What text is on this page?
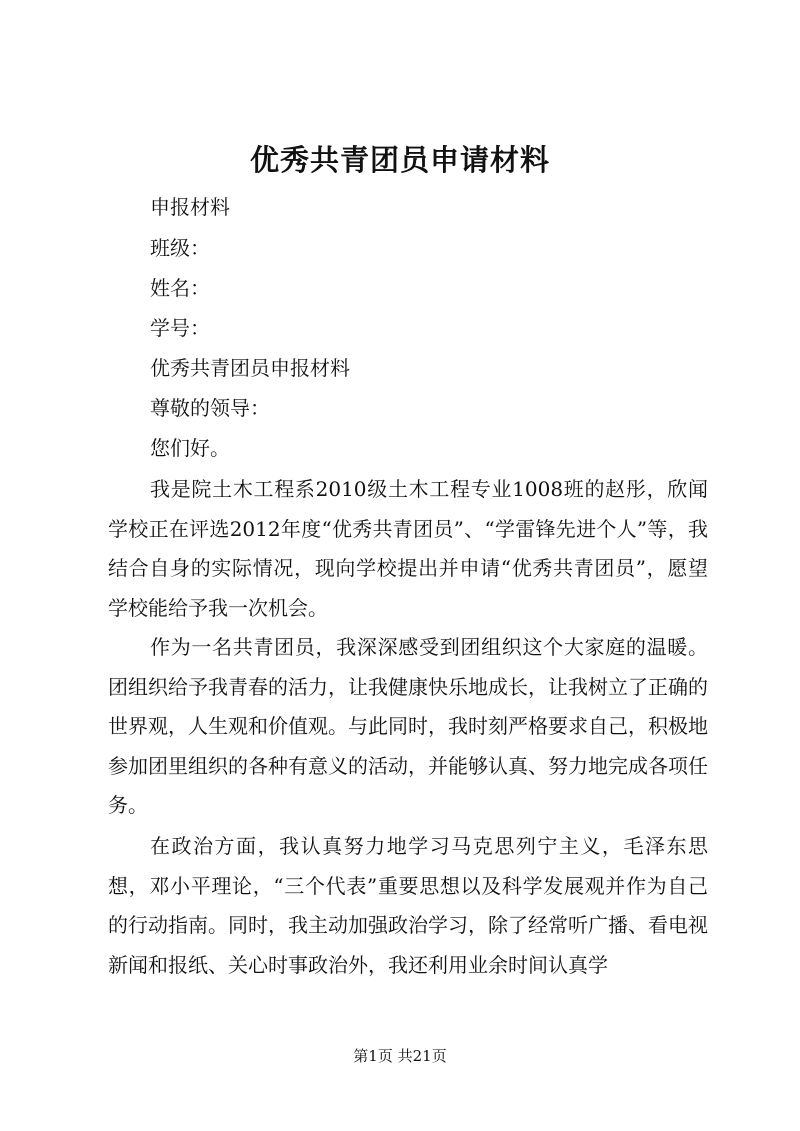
优秀共青团员申请材料
申报材料
班级：
姓名：
学号：
优秀共青团员申报材料
尊敬的领导：
您们好。

我是院土木工程系2010级土木工程专业1008班的赵彤，欣闻学校正在评选2012年度“优秀共青团员”、“学雷锋先进个人”等，我结合自身的实际情况，现向学校提出并申请“优秀共青团员”，愿望学校能给予我一次机会。

作为一名共青团员，我深深感受到团组织这个大家庭的温暖。团组织给予我青春的活力，让我健康快乐地成长，让我树立了正确的世界观，人生观和价值观。与此同时，我时刻严格要求自己，积极地参加团里组织的各种有意义的活动，并能够认真、努力地完成各项任务。

在政治方面，我认真努力地学习马克思列宁主义，毛泽东思想，邓小平理论，“三个代表”重要思想以及科学发展观并作为自己的行动指南。同时，我主动加强政治学习，除了经常听广播、看电视新闻和报纸、关心时事政治外，我还利用业余时间认真学

第1页 共21页
